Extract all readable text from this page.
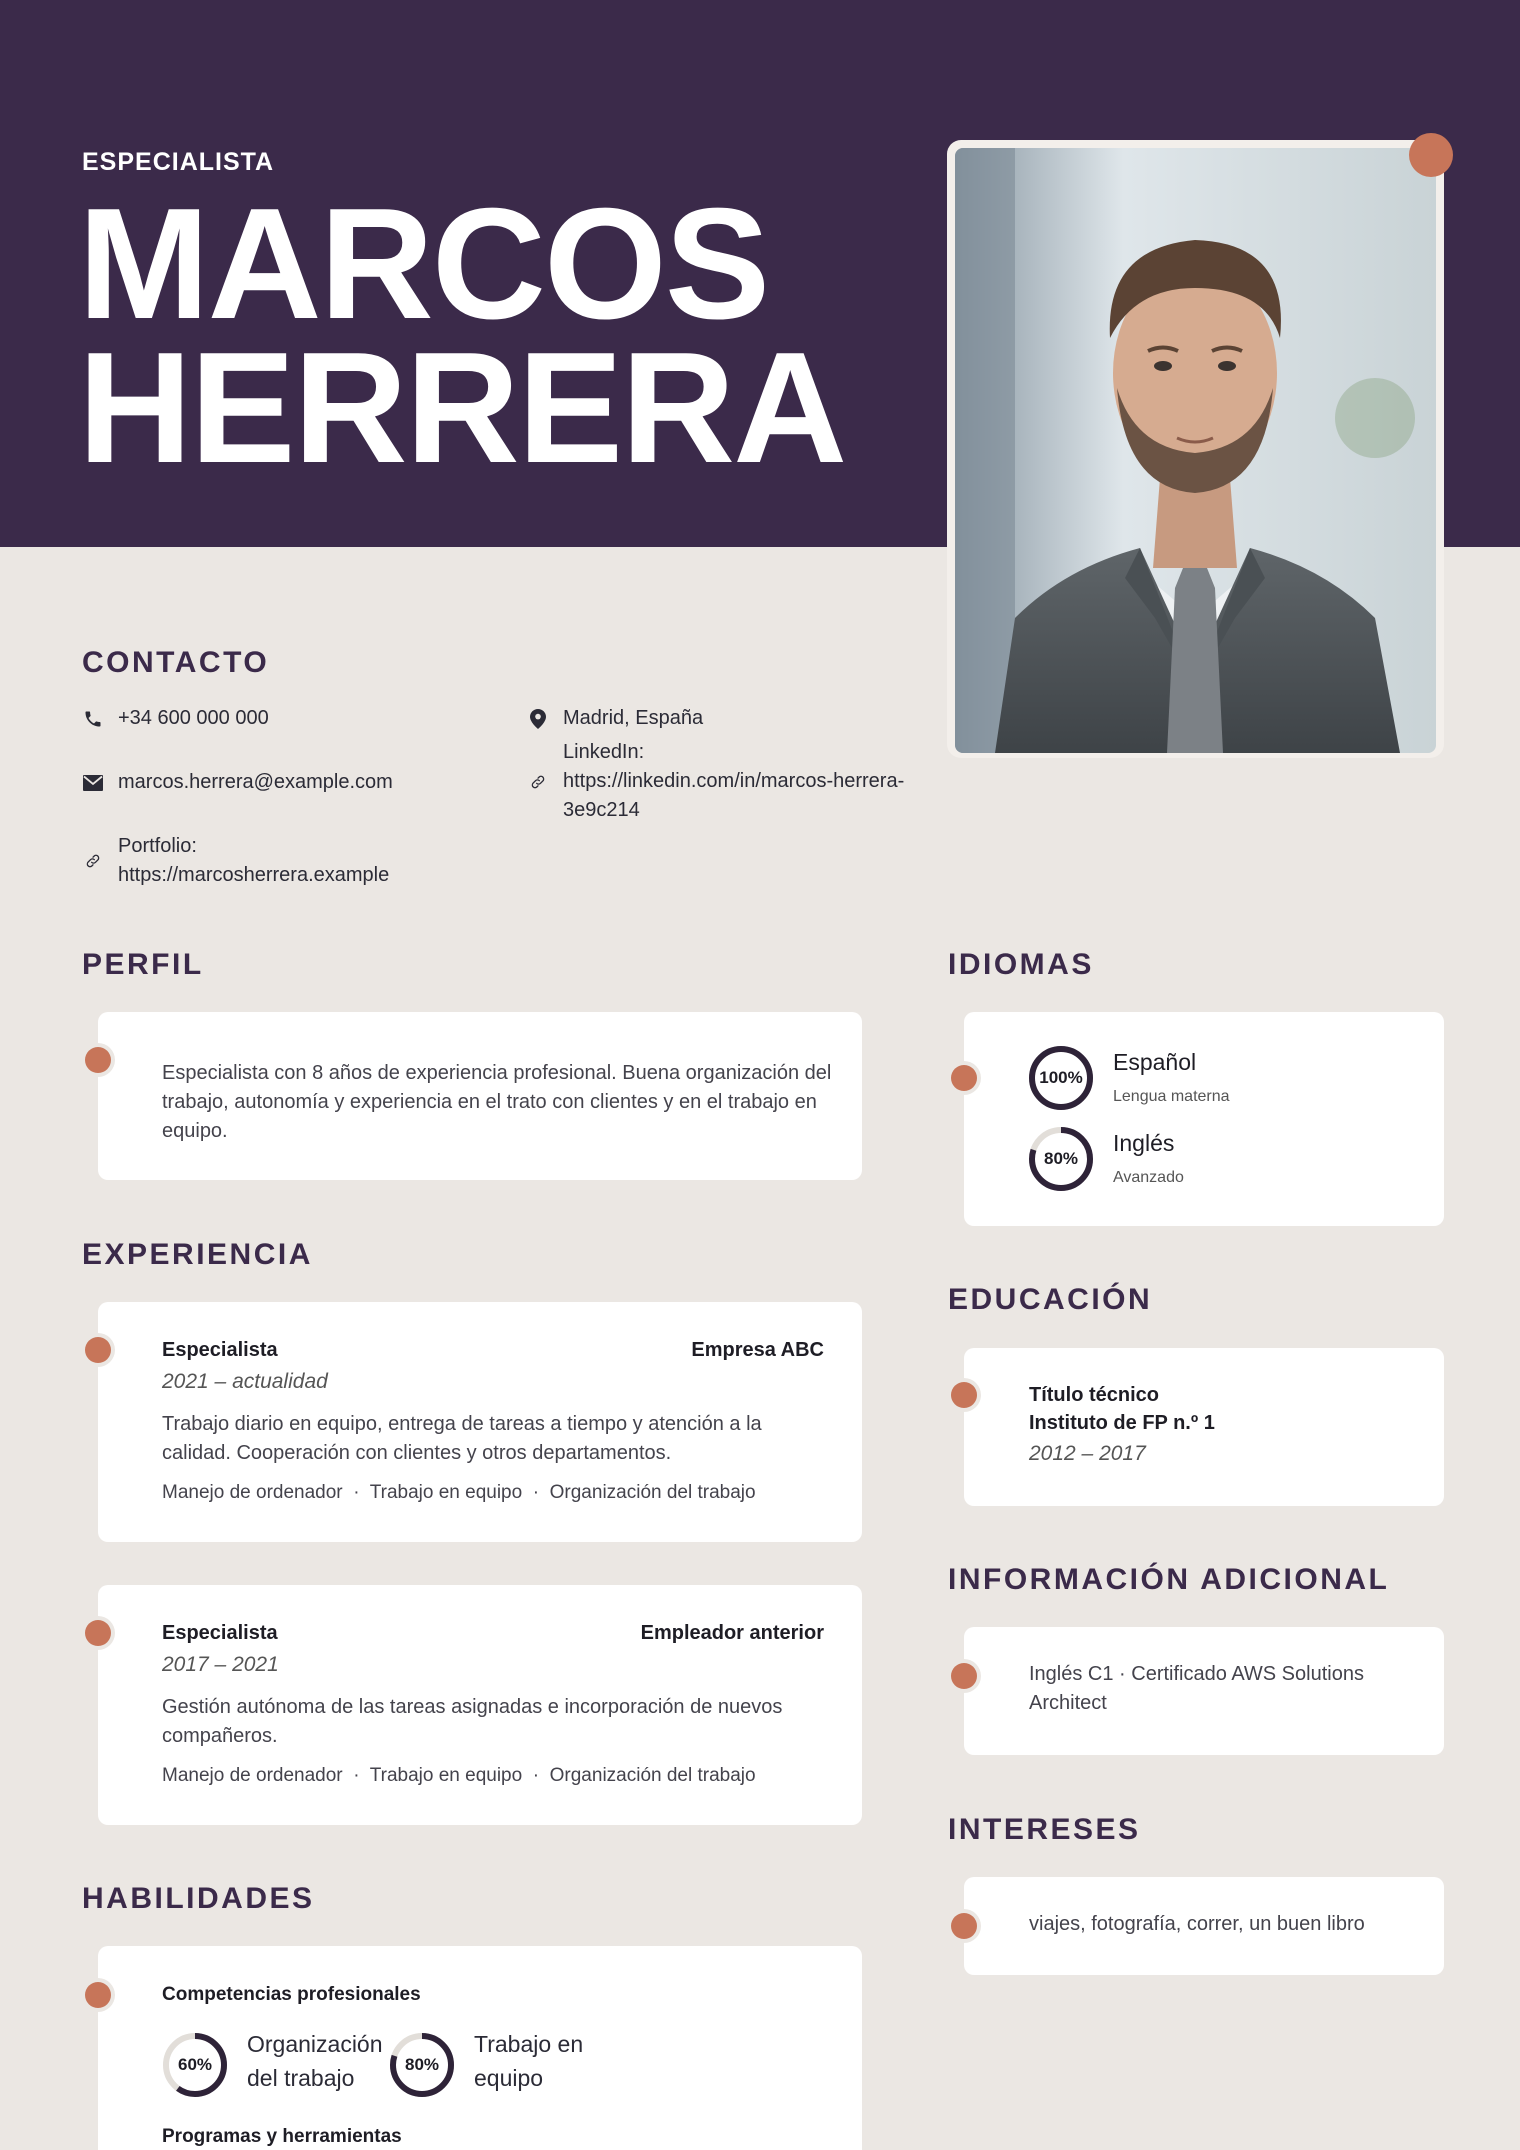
ESPECIALISTA
MARCOS
HERRERA
CONTACTO
+34 600 000 000
marcos.herrera@example.com
Portfolio:
https://marcosherrera.example
Madrid, España
LinkedIn:
https://linkedin.com/in/marcos-herrera-
3e9c214
PERFIL
Especialista con 8 años de experiencia profesional. Buena organización del trabajo, autonomía y experiencia en el trato con clientes y en el trabajo en equipo.
EXPERIENCIA
Especialista	Empresa ABC
2021 – actualidad
Trabajo diario en equipo, entrega de tareas a tiempo y atención a la calidad. Cooperación con clientes y otros departamentos.
Manejo de ordenador  ·  Trabajo en equipo  ·  Organización del trabajo
Especialista	Empleador anterior
2017 – 2021
Gestión autónoma de las tareas asignadas e incorporación de nuevos compañeros.
Manejo de ordenador  ·  Trabajo en equipo  ·  Organización del trabajo
HABILIDADES
Competencias profesionales
60%
Organización
del trabajo
80%
Trabajo en
equipo
Programas y herramientas
IDIOMAS
100%
Español
Lengua materna
80%
Inglés
Avanzado
EDUCACIÓN
Título técnico
Instituto de FP n.º 1
2012 – 2017
INFORMACIÓN ADICIONAL
Inglés C1 · Certificado AWS Solutions Architect
INTERESES
viajes, fotografía, correr, un buen libro
